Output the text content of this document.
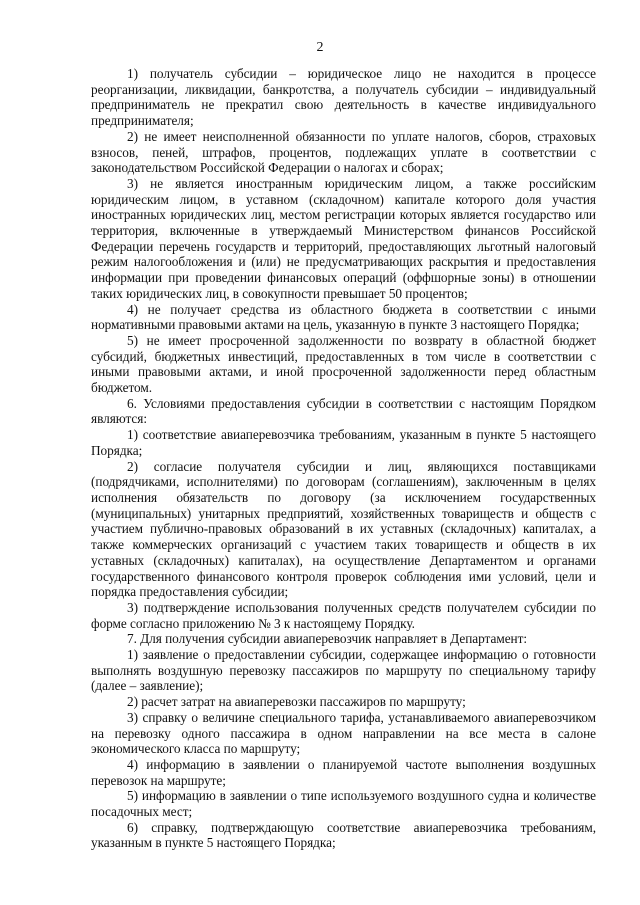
2

1) получатель субсидии – юридическое лицо не находится в процессе реорганизации, ликвидации, банкротства, а получатель субсидии – индивидуальный предприниматель не прекратил свою деятельность в качестве индивидуального предпринимателя;

2) не имеет неисполненной обязанности по уплате налогов, сборов, страховых взносов, пеней, штрафов, процентов, подлежащих уплате в соответствии с законодательством Российской Федерации о налогах и сборах;

3) не является иностранным юридическим лицом, а также российским юридическим лицом, в уставном (складочном) капитале которого доля участия иностранных юридических лиц, местом регистрации которых является государство или территория, включенные в утверждаемый Министерством финансов Российской Федерации перечень государств и территорий, предоставляющих льготный налоговый режим налогообложения и (или) не предусматривающих раскрытия и предоставления информации при проведении финансовых операций (оффшорные зоны) в отношении таких юридических лиц, в совокупности превышает 50 процентов;

4) не получает средства из областного бюджета в соответствии с иными нормативными правовыми актами на цель, указанную в пункте 3 настоящего Порядка;

5) не имеет просроченной задолженности по возврату в областной бюджет субсидий, бюджетных инвестиций, предоставленных в том числе в соответствии с иными правовыми актами, и иной просроченной задолженности перед областным бюджетом.

6. Условиями предоставления субсидии в соответствии с настоящим Порядком являются:

1) соответствие авиаперевозчика требованиям, указанным в пункте 5 настоящего Порядка;

2) согласие получателя субсидии и лиц, являющихся поставщиками (подрядчиками, исполнителями) по договорам (соглашениям), заключенным в целях исполнения обязательств по договору (за исключением государственных (муниципальных) унитарных предприятий, хозяйственных товариществ и обществ с участием публично-правовых образований в их уставных (складочных) капиталах, а также коммерческих организаций с участием таких товариществ и обществ в их уставных (складочных) капиталах), на осуществление Департаментом и органами государственного финансового контроля проверок соблюдения ими условий, цели и порядка предоставления субсидии;

3) подтверждение использования полученных средств получателем субсидии по форме согласно приложению № 3 к настоящему Порядку.

7. Для получения субсидии авиаперевозчик направляет в Департамент:

1) заявление о предоставлении субсидии, содержащее информацию о готовности выполнять воздушную перевозку пассажиров по маршруту по специальному тарифу (далее – заявление);

2) расчет затрат на авиаперевозки пассажиров по маршруту;

3) справку о величине специального тарифа, устанавливаемого авиаперевозчиком на перевозку одного пассажира в одном направлении на все места в салоне экономического класса по маршруту;

4) информацию в заявлении о планируемой частоте выполнения воздушных перевозок на маршруте;

5) информацию в заявлении о типе используемого воздушного судна и количестве посадочных мест;

6) справку, подтверждающую соответствие авиаперевозчика требованиям, указанным в пункте 5 настоящего Порядка;
